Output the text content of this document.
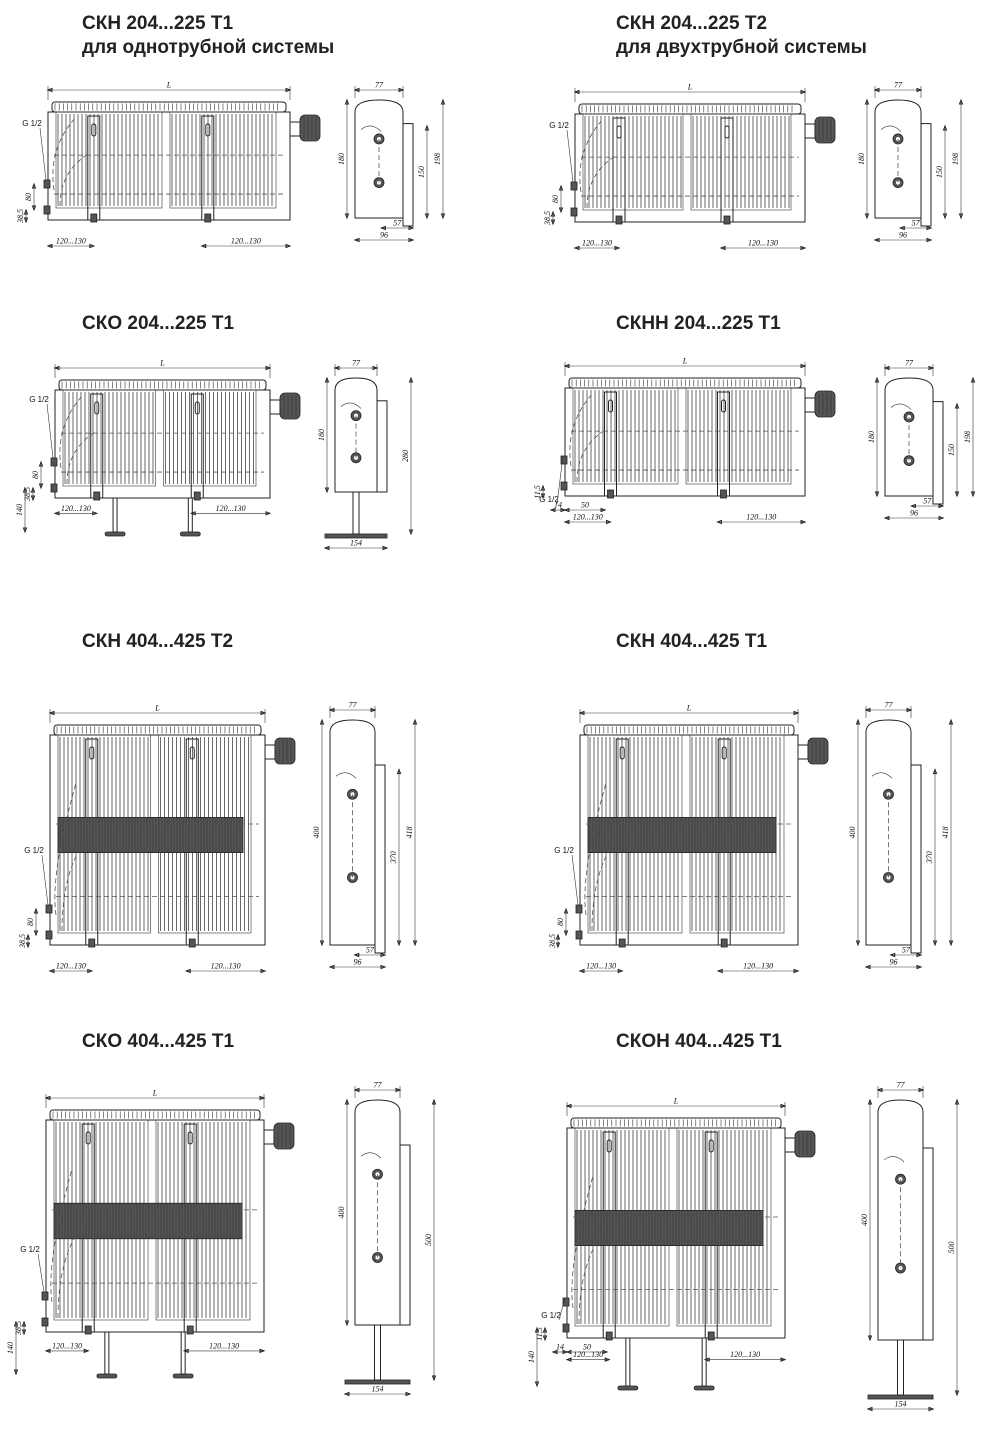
СКН 204...225 Т1
для однотрубной системы
СКН 204...225 Т2
для двухтрубной системы
СКО 204...225 Т1	СКНН 204...225 Т1
СКН 404...425 Т2	СКН 404...425 Т1
СКО 404...425 Т1	СКОН 404...425 Т1
L
G 1/2
80
38,5
120...130	120...130
77
180
150
198
57
96
L
G 1/2
80
38,5
120...130	120...130
77
180
150
198
57
96
L
G 1/2
80
38,5
140	120...130	120...130
77
180
280
154
L
G 1/2
11,5
14 50
120...130	120...130
77
180
150
198
57
96
L
G 1/2
80
38,5
120...130	120...130
77
400
370
418
57
96
L
G 1/2
80
38,5
120...130	120...130
77
400
370
418
57
96
L
G 1/2
38,5
140	120...130	120...130
77
400
500
154
L
G 1/2
11,5
140
14 50
120...130	120...130
77
400
500
154
